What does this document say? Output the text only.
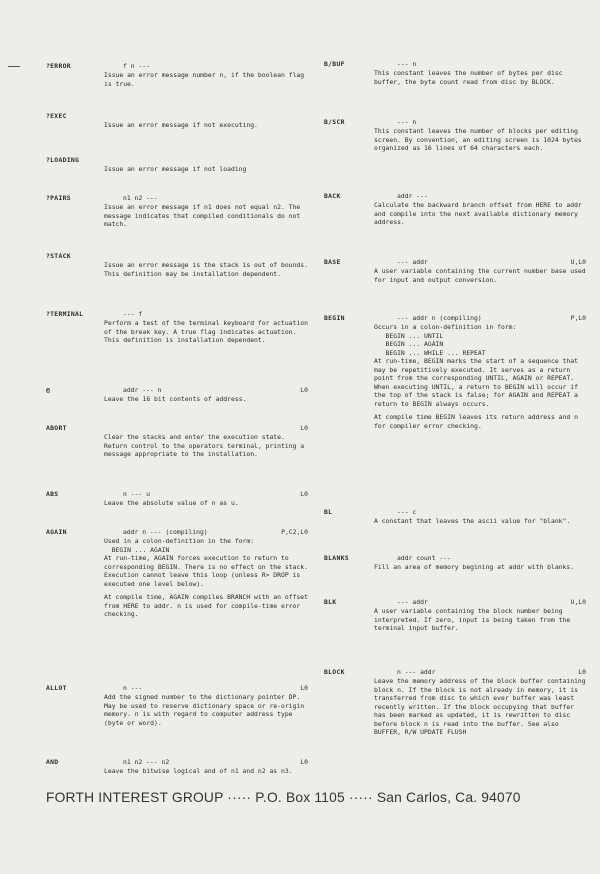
?ERROR	f n ---
Issue an error message number n, if the boolean flag is true.
?EXEC
Issue an error message if not executing.
?LOADING
Issue an error message if not loading
?PAIRS	n1 n2 ---
Issue an error message if n1 does not equal n2. The message indicates that compiled conditionals do not match.
?STACK
Issue an error message is the stack is out of bounds. This definition may be installation dependent.
?TERMINAL	--- f
Perform a test of the terminal keyboard for actuation of the break key. A true flag indicates actuation. This definition is installation dependent.
@	addr --- n	L0
Leave the 16 bit contents of address.
ABORT	L0
Clear the stacks and enter the execution state. Return control to the operators terminal, printing a message appropriate to the installation.
ABS	n --- u	L0
Leave the absolute value of n as u.
AGAIN	addr n --- (compiling)	P,C2,L0
Used in a colon-definition in the form:
BEGIN ... AGAIN
At run-time, AGAIN forces execution to return to corresponding BEGIN. There is no effect on the stack. Execution cannot leave this loop (unless R> DROP is executed one level below).
At compile time, AGAIN compiles BRANCH with an offset from HERE to addr. n is used for compile-time error checking.
ALLOT	n ---	L0
Add the signed number to the dictionary pointer DP. May be used to reserve dictionary space or re-origin memory. n is with regard to computer address type (byte or word).
AND	n1 n2 --- n2	L0
Leave the bitwise logical and of n1 and n2 as n3.
B/BUF	--- n
This constant leaves the number of bytes per disc buffer, the byte count read from disc by BLOCK.
B/SCR	--- n
This constant leaves the number of blocks per editing screen. By convention, an editing screen is 1024 bytes organized as 16 lines of 64 characters each.
BACK	addr ---
Calculate the backward branch offset from HERE to addr and compile into the next available dictionary memory address.
BASE	--- addr	U,L0
A user variable containing the current number base used for input and output conversion.
BEGIN	--- addr n (compiling)	P,L0
Occurs in a colon-definition in form:
BEGIN ... UNTIL
BEGIN ... AGAIN
BEGIN ... WHILE ... REPEAT
At run-time, BEGIN marks the start of a sequence that may be repetitively executed. It serves as a return point from the corresponding UNTIL, AGAIN or REPEAT. When executing UNTIL, a return to BEGIN will occur if the top of the stack is false; for AGAIN and REPEAT a return to BEGIN always occurs.
At compile time BEGIN leaves its return address and n for compiler error checking.
BL	--- c
A constant that leaves the ascii value for "blank".
BLANKS	addr count ---
Fill an area of memory begining at addr with blanks.
BLK	--- addr	U,L0
A user variable containing the block number being interpreted. If zero, input is being taken from the terminal input buffer.
BLOCK	n --- addr	L0
Leave the memory address of the block buffer containing block n. If the block is not already in memory, it is transferred from disc to which ever buffer was least recently written. If the block occupying that buffer has been marked as updated, it is rewritten to disc before block n is read into the buffer. See also BUFFER, R/W UPDATE FLUSH
FORTH INTEREST GROUP ····· P.O. Box 1105 ····· San Carlos, Ca. 94070
